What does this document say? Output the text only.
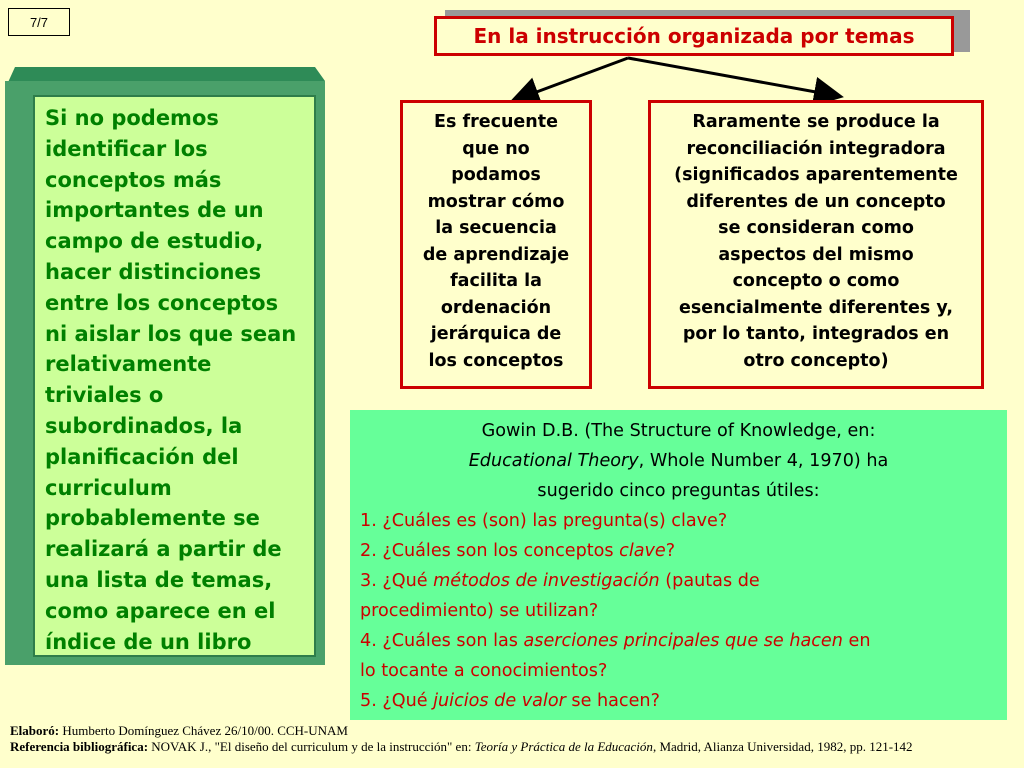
7/7
En la instrucción organizada por temas
Es frecuente
que no
podamos
mostrar cómo
la secuencia
de aprendizaje
facilita la
ordenación
jerárquica de
los conceptos
Raramente se produce la
reconciliación integradora
(significados aparentemente
diferentes de un concepto
se consideran como
aspectos del mismo
concepto o como
esencialmente diferentes y,
por lo tanto, integrados en
otro concepto)
Si no podemos
identificar los
conceptos más
importantes de un
campo de estudio,
hacer distinciones
entre los conceptos
ni aislar los que sean
relativamente
triviales o
subordinados, la
planificación del
curriculum
probablemente se
realizará a partir de
una lista de temas,
como aparece en el
índice de un libro
Gowin D.B. (The Structure of Knowledge, en:
Educational Theory, Whole Number 4, 1970) ha
sugerido cinco preguntas útiles:
1. ¿Cuáles es (son) las pregunta(s) clave?
2. ¿Cuáles son los conceptos clave?
3. ¿Qué métodos de investigación (pautas de
procedimiento) se utilizan?
4. ¿Cuáles son las aserciones principales que se hacen en
lo tocante a conocimientos?
5. ¿Qué juicios de valor se hacen?
Elaboró: Humberto Domínguez Chávez 26/10/00. CCH-UNAM
Referencia bibliográfica: NOVAK J., "El diseño del curriculum y de la instrucción" en: Teoría y Práctica de la Educación, Madrid, Alianza Universidad, 1982, pp. 121-142
